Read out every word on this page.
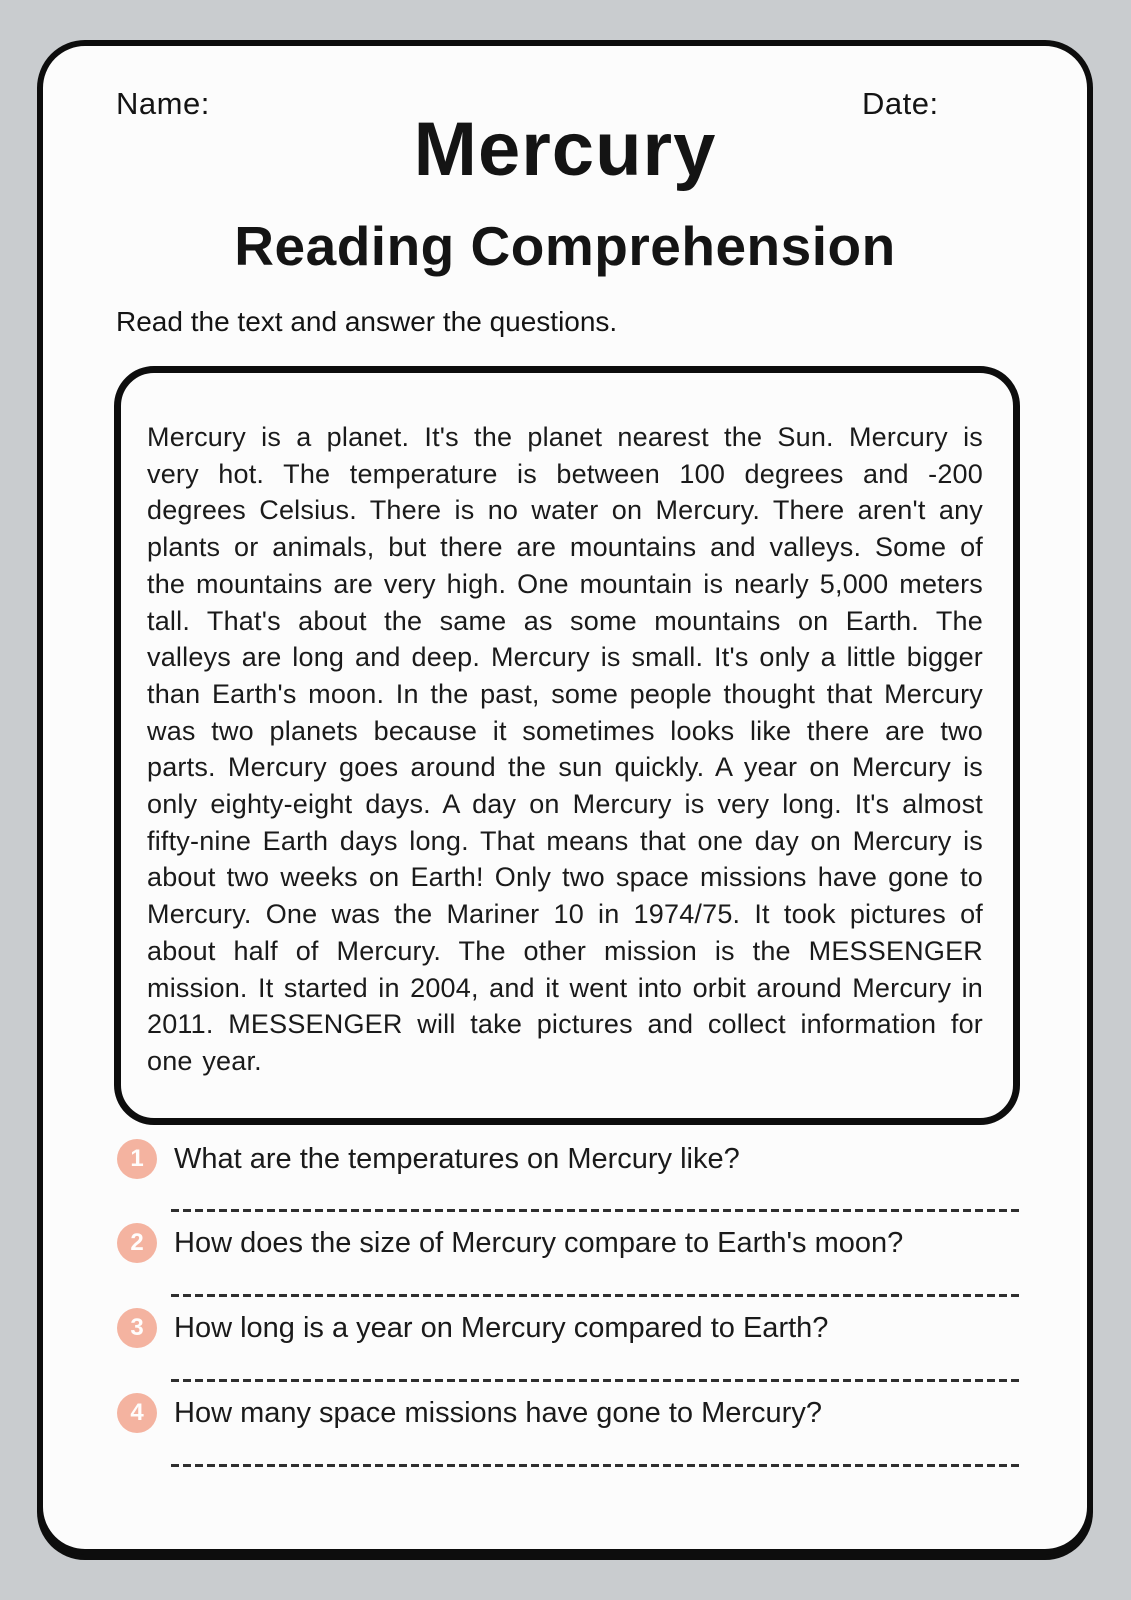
Name:	Date:
Mercury
Reading Comprehension

Read the text and answer the questions.

Mercury is a planet. It's the planet nearest the Sun. Mercury is very hot. The temperature is between 100 degrees and -200 degrees Celsius. There is no water on Mercury. There aren't any plants or animals, but there are mountains and valleys. Some of the mountains are very high. One mountain is nearly 5,000 meters tall. That's about the same as some mountains on Earth. The valleys are long and deep. Mercury is small. It's only a little bigger than Earth's moon. In the past, some people thought that Mercury was two planets because it sometimes looks like there are two parts. Mercury goes around the sun quickly. A year on Mercury is only eighty-eight days. A day on Mercury is very long. It's almost fifty-nine Earth days long. That means that one day on Mercury is about two weeks on Earth! Only two space missions have gone to Mercury. One was the Mariner 10 in 1974/75. It took pictures of about half of Mercury. The other mission is the MESSENGER mission. It started in 2004, and it went into orbit around Mercury in 2011. MESSENGER will take pictures and collect information for one year.

1	What are the temperatures on Mercury like?
2	How does the size of Mercury compare to Earth's moon?
3	How long is a year on Mercury compared to Earth?
4	How many space missions have gone to Mercury?
